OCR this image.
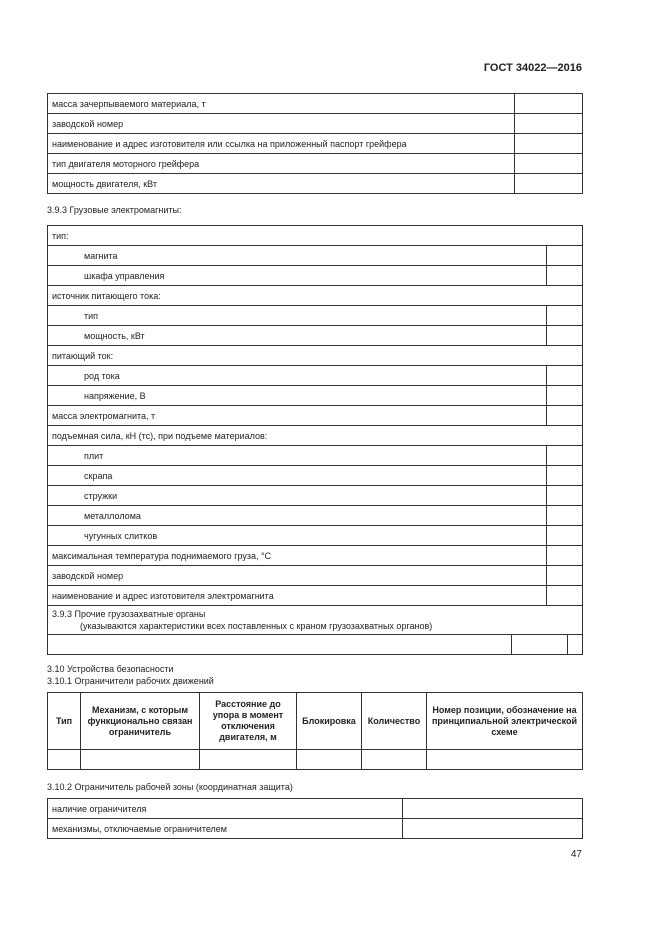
ГОСТ 34022—2016
масса зачерпываемого материала, т	
заводской номер	
наименование и адрес изготовителя или ссылка на приложенный паспорт грейфера	
тип двигателя моторного грейфера	
мощность двигателя, кВт	
3.9.3 Грузовые электромагниты:
тип:	
магнита	
шкафа управления	
источник питающего тока:	
тип	
мощность, кВт	
питающий ток:	
род тока	
напряжение, В	
масса электромагнита, т	
подъемная сила, кН (тс), при подъеме материалов:	
плит	
скрапа	
стружки	
металлолома	
чугунных слитков	
максимальная температура поднимаемого груза, °С	
заводской номер	
наименование и адрес изготовителя электромагнита	

3.9.3 Прочие грузозахватные органы
(указываются характеристики всех поставленных с краном грузозахватных органов)	

3.10 Устройства безопасности
3.10.1 Ограничители рабочих движений
Тип	Механизм, с которым функционально связан ограничитель	Расстояние до упора в момент отключения двигателя, м	Блокировка	Количество	Номер позиции, обозначение на принципиальной электрической схеме

3.10.2 Ограничитель рабочей зоны (координатная защита)
наличие ограничителя	
механизмы, отключаемые ограничителем	
47
